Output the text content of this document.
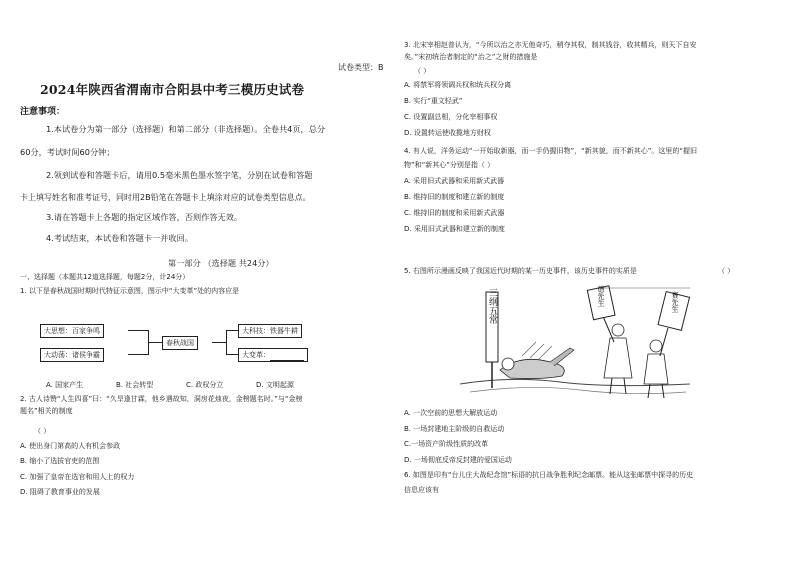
试卷类型：B
2024年陕西省渭南市合阳县中考三模历史试卷
注意事项：
1.本试卷分为第一部分（选择题）和第二部分（非选择题）。全卷共4页，总分
60分，考试时间60分钟；
2.领到试卷和答题卡后，请用0.5毫米黑色墨水签字笔，分别在试卷和答题
卡上填写姓名和准考证号，同时用2B铅笔在答题卡上填涂对应的试卷类型信息点。
3.请在答题卡上各题的指定区域作答，否则作答无效。
4.考试结束，本试卷和答题卡一并收回。
第一部分 （选择题 共24分）
一、选择题（本题共12道选择题，每题2分，计24分）
1. 以下是春秋战国时期时代特征示意图，图示中“大变革”处的内容应是
大思想：百家争鸣
大动荡：诸侯争霸
春秋战国
大科技：铁器牛耕
大变革：
A. 国家产生	B. 社会转型	C. 政权分立	D. 文明起源
2. 古人诗赞“人生四喜”曰：“久旱逢甘霖，他乡遇故知，洞房花烛夜，金榜题名时。”与“金榜
题名”相关的制度
（ ）
A. 使出身门第高的人有机会参政
B. 缩小了选拔官吏的范围
C. 加强了皇帝在选官和用人上的权力
D. 阻碍了教育事业的发展
3. 北宋宰相赵普认为，“今所以治之亦无他奇巧，稍夺其权，制其钱谷，收其精兵，则天下自安
矣。”宋初统治者制定的“治之”之财的措施是
（ ）
A. 将禁军将领调兵权和统兵权分离
B. 实行“重文轻武”
C. 设置副总相，分化宰相事权
D. 设置转运使收揽地方财权
4. 有人说，洋务运动“一开始取新器，而一手仍握旧物”，“新其貌，而不新其心”。这里的“握旧
物”和“新其心”分别是指（ ）
A. 采用旧式武器和采用新式武器
B. 维持旧的制度和建立新的制度
C. 维持旧的制度和采用新式武器
D. 采用旧式武器和建立新的制度
5. 右图所示漫画反映了我国近代时期的某一历史事件，该历史事件的实质是	（ ）
三纲五常	德先生	赛先生
A. 一次空前的思想大解放运动
B. 一场封建地主阶级的自救运动
C.一场资产阶级性质的改革
D. 一场彻底反帝反封建的爱国运动
6. 如图是印有“台儿庄大战纪念馆”标语的抗日战争胜利纪念邮票。能从这张邮票中探寻的历史
信息应该有
